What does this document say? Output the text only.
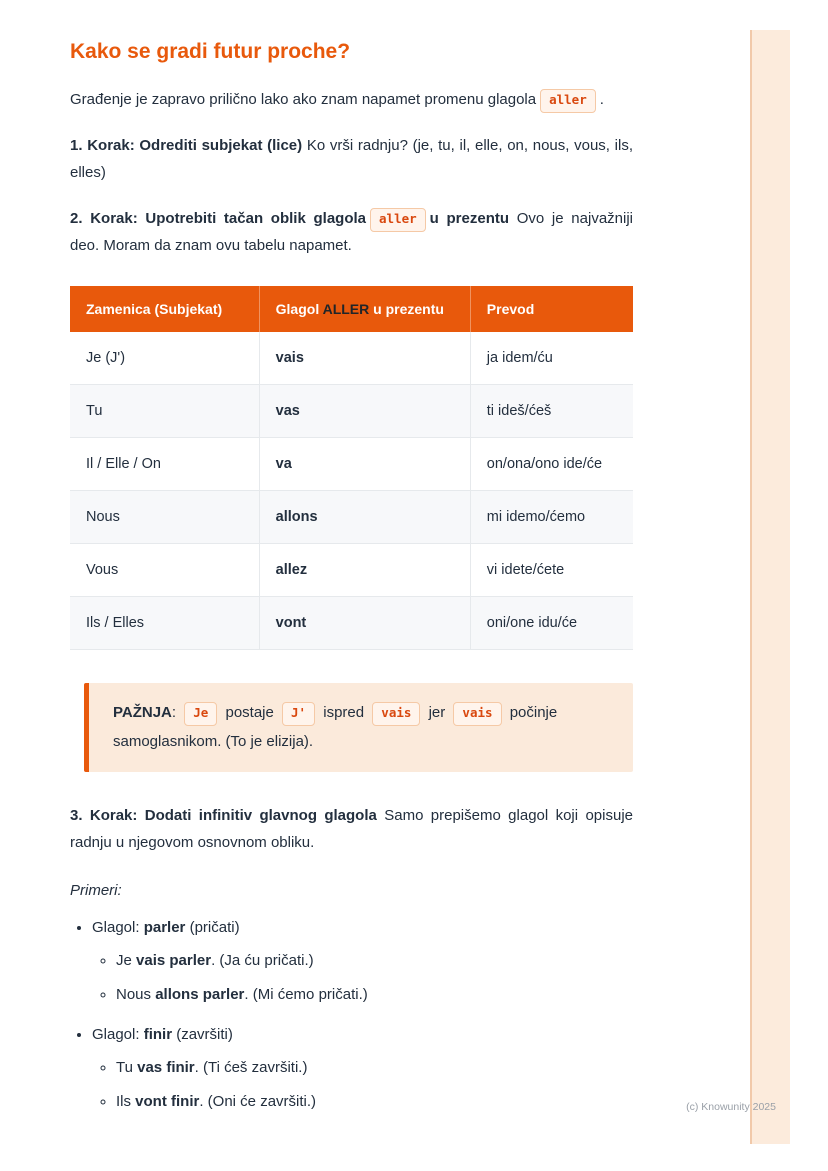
Kako se gradi futur proche?

Građenje je zapravo prilično lako ako znam napamet promenu glagola aller .

1. Korak: Odrediti subjekat (lice) Ko vrši radnju? (je, tu, il, elle, on, nous, vous, ils, elles)

2. Korak: Upotrebiti tačan oblik glagola aller u prezentu Ovo je najvažniji deo. Moram da znam ovu tabelu napamet.

Zamenica (Subjekat)	Glagol ALLER u prezentu	Prevod
Je (J')	vais	ja idem/ću
Tu	vas	ti ideš/ćeš
Il / Elle / On	va	on/ona/ono ide/će
Nous	allons	mi idemo/ćemo
Vous	allez	vi idete/ćete
Ils / Elles	vont	oni/one idu/će
PAŽNJA: Je postaje J' ispred vais jer vais počinje samoglasnikom. (To je elizija).

3. Korak: Dodati infinitiv glavnog glagola Samo prepišemo glagol koji opisuje radnju u njegovom osnovnom obliku.

Primeri:

• Glagol: parler (pričati)
◦ Je vais parler. (Ja ću pričati.)
◦ Nous allons parler. (Mi ćemo pričati.)
• Glagol: finir (završiti)
◦ Tu vas finir. (Ti ćeš završiti.)
◦ Ils vont finir. (Oni će završiti.)	(c) Knowunity 2025
